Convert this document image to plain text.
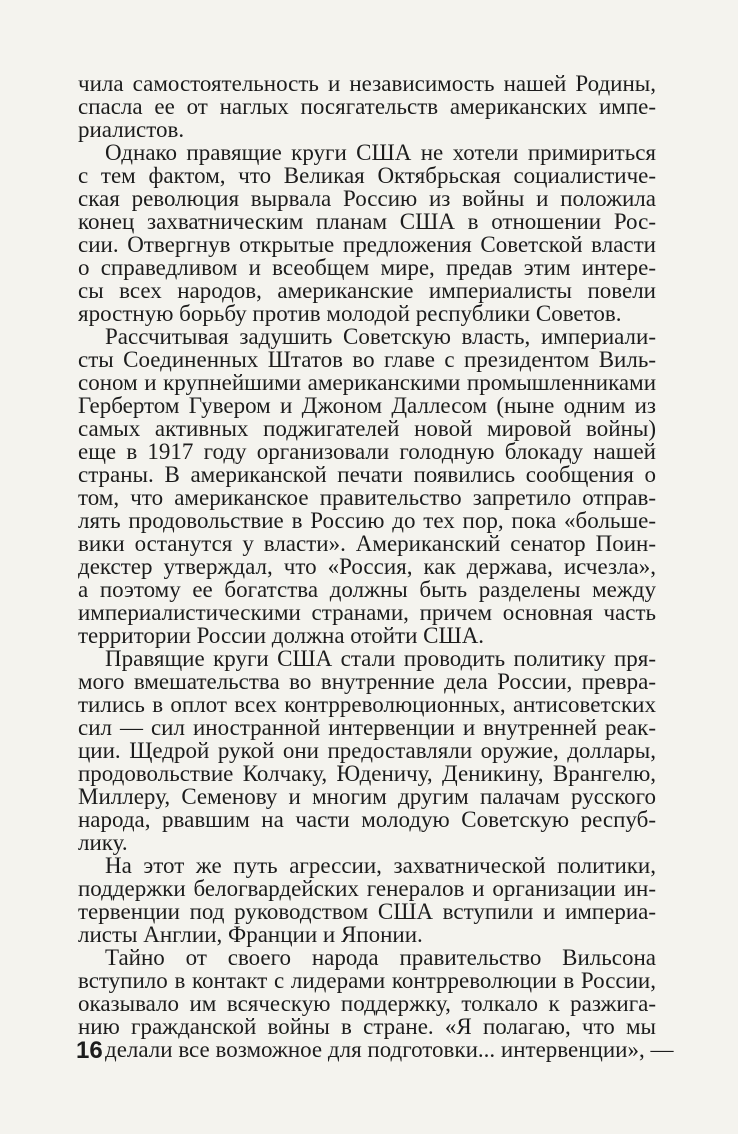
чила самостоятельность и независимость нашей Родины,
спасла ее от наглых посягательств американских импе-
риалистов.
Однако правящие круги США не хотели примириться
с тем фактом, что Великая Октябрьская социалистиче-
ская революция вырвала Россию из войны и положила
конец захватническим планам США в отношении Рос-
сии. Отвергнув открытые предложения Советской власти
о справедливом и всеобщем мире, предав этим интере-
сы всех народов, американские империалисты повели
яростную борьбу против молодой республики Советов.
Рассчитывая задушить Советскую власть, империали-
сты Соединенных Штатов во главе с президентом Виль-
соном и крупнейшими американскими промышленниками
Гербертом Гувером и Джоном Даллесом (ныне одним из
самых активных поджигателей новой мировой войны)
еще в 1917 году организовали голодную блокаду нашей
страны. В американской печати появились сообщения о
том, что американское правительство запретило отправ-
лять продовольствие в Россию до тех пор, пока «больше-
вики останутся у власти». Американский сенатор Поин-
декстер утверждал, что «Россия, как держава, исчезла»,
а поэтому ее богатства должны быть разделены между
империалистическими странами, причем основная часть
территории России должна отойти США.
Правящие круги США стали проводить политику пря-
мого вмешательства во внутренние дела России, превра-
тились в оплот всех контрреволюционных, антисоветских
сил — сил иностранной интервенции и внутренней реак-
ции. Щедрой рукой они предоставляли оружие, доллары,
продовольствие Колчаку, Юденичу, Деникину, Врангелю,
Миллеру, Семенову и многим другим палачам русского
народа, рвавшим на части молодую Советскую респуб-
лику.
На этот же путь агрессии, захватнической политики,
поддержки белогвардейских генералов и организации ин-
тервенции под руководством США вступили и империа-
листы Англии, Франции и Японии.
Тайно от своего народа правительство Вильсона
вступило в контакт с лидерами контрреволюции в России,
оказывало им всяческую поддержку, толкало к разжига-
нию гражданской войны в стране. «Я полагаю, что мы
делали все возможное для подготовки... интервенции», —
16
